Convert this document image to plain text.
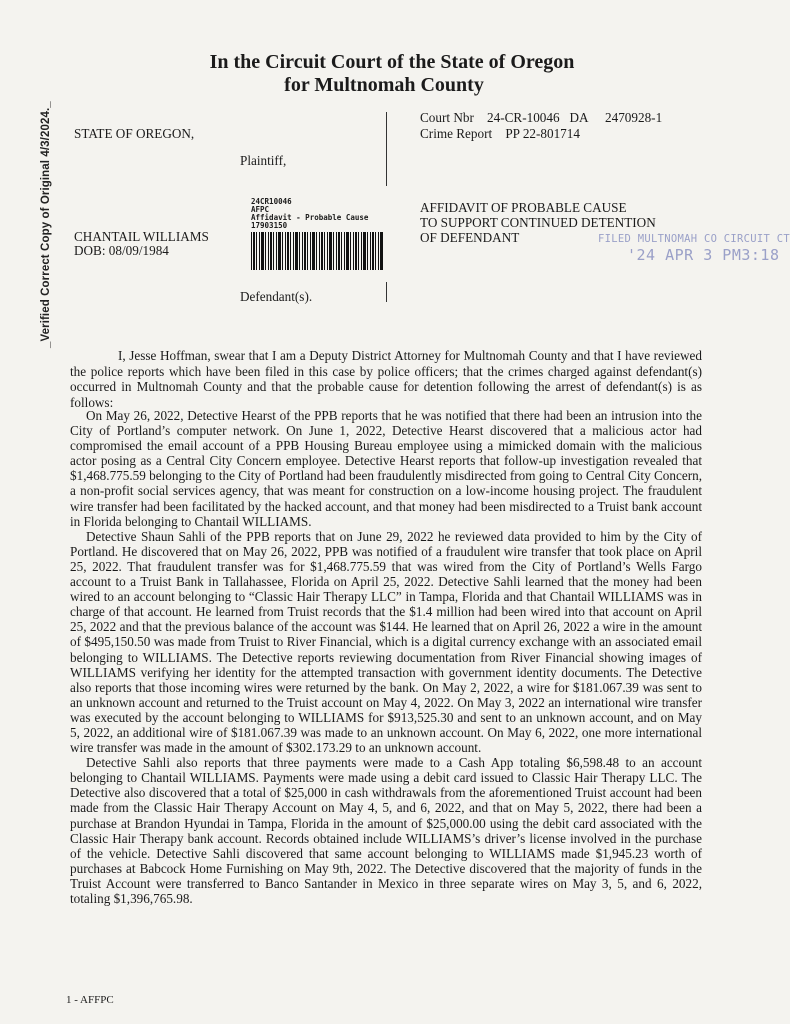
_Verified Correct Copy of Original 4/3/2024._
In the Circuit Court of the State of Oregon
for Multnomah County
STATE OF OREGON,
Plaintiff,
CHANTAIL WILLIAMS
DOB: 08/09/1984
Defendant(s).
Court Nbr 24-CR-10046 DA 2470928-1
Crime Report PP 22-801714
AFFIDAVIT OF PROBABLE CAUSE
TO SUPPORT CONTINUED DETENTION
OF DEFENDANT
24CR10046
AFPC
Affidavit - Probable Cause
17903150
FILED MULTNOMAH CO CIRCUIT CT
'24 APR 3 PM3:18
I, Jesse Hoffman, swear that I am a Deputy District Attorney for Multnomah County and that I have reviewed the police reports which have been filed in this case by police officers; that the crimes charged against defendant(s) occurred in Multnomah County and that the probable cause for detention following the arrest of defendant(s) is as follows:

On May 26, 2022, Detective Hearst of the PPB reports that he was notified that there had been an intrusion into the City of Portland’s computer network. On June 1, 2022, Detective Hearst discovered that a malicious actor had compromised the email account of a PPB Housing Bureau employee using a mimicked domain with the malicious actor posing as a Central City Concern employee. Detective Hearst reports that follow-up investigation revealed that $1,468.775.59 belonging to the City of Portland had been fraudulently misdirected from going to Central City Concern, a non-profit social services agency, that was meant for construction on a low-income housing project. The fraudulent wire transfer had been facilitated by the hacked account, and that money had been misdirected to a Truist bank account in Florida belonging to Chantail WILLIAMS.

Detective Shaun Sahli of the PPB reports that on June 29, 2022 he reviewed data provided to him by the City of Portland. He discovered that on May 26, 2022, PPB was notified of a fraudulent wire transfer that took place on April 25, 2022. That fraudulent transfer was for $1,468.775.59 that was wired from the City of Portland’s Wells Fargo account to a Truist Bank in Tallahassee, Florida on April 25, 2022. Detective Sahli learned that the money had been wired to an account belonging to “Classic Hair Therapy LLC” in Tampa, Florida and that Chantail WILLIAMS was in charge of that account. He learned from Truist records that the $1.4 million had been wired into that account on April 25, 2022 and that the previous balance of the account was $144. He learned that on April 26, 2022 a wire in the amount of $495,150.50 was made from Truist to River Financial, which is a digital currency exchange with an associated email belonging to WILLIAMS. The Detective reports reviewing documentation from River Financial showing images of WILLIAMS verifying her identity for the attempted transaction with government identity documents. The Detective also reports that those incoming wires were returned by the bank. On May 2, 2022, a wire for $181.067.39 was sent to an unknown account and returned to the Truist account on May 4, 2022. On May 3, 2022 an international wire transfer was executed by the account belonging to WILLIAMS for $913,525.30 and sent to an unknown account, and on May 5, 2022, an additional wire of $181.067.39 was made to an unknown account. On May 6, 2022, one more international wire transfer was made in the amount of $302.173.29 to an unknown account.

Detective Sahli also reports that three payments were made to a Cash App totaling $6,598.48 to an account belonging to Chantail WILLIAMS. Payments were made using a debit card issued to Classic Hair Therapy LLC. The Detective also discovered that a total of $25,000 in cash withdrawals from the aforementioned Truist account had been made from the Classic Hair Therapy Account on May 4, 5, and 6, 2022, and that on May 5, 2022, there had been a purchase at Brandon Hyundai in Tampa, Florida in the amount of $25,000.00 using the debit card associated with the Classic Hair Therapy bank account. Records obtained include WILLIAMS’s driver’s license involved in the purchase of the vehicle. Detective Sahli discovered that same account belonging to WILLIAMS made $1,945.23 worth of purchases at Babcock Home Furnishing on May 9th, 2022. The Detective discovered that the majority of funds in the Truist Account were transferred to Banco Santander in Mexico in three separate wires on May 3, 5, and 6, 2022, totaling $1,396,765.98.

1 - AFFPC
